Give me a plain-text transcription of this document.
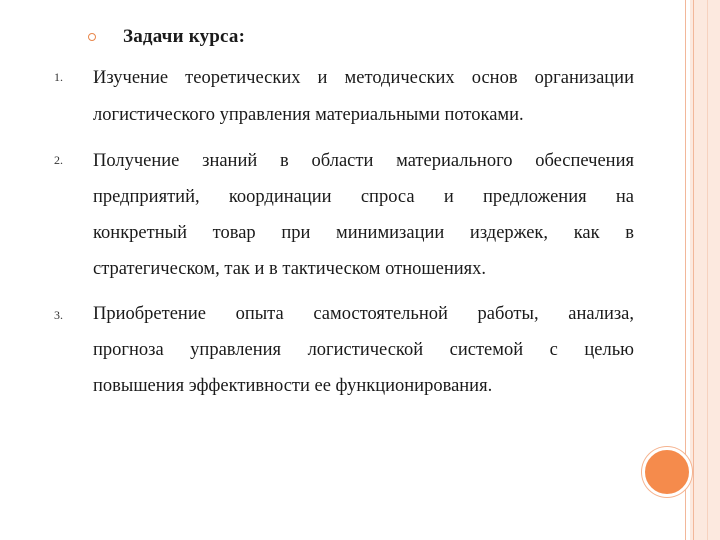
Задачи курса:
1. Изучение теоретических и методических основ организации
логистического управления материальными потоками.
2. Получение знаний в области материального обеспечения
предприятий, координации спроса и предложения на
конкретный товар при минимизации издержек, как в
стратегическом, так и в тактическом отношениях.
3. Приобретение опыта самостоятельной работы, анализа,
прогноза управления логистической системой с целью
повышения эффективности ее функционирования.
